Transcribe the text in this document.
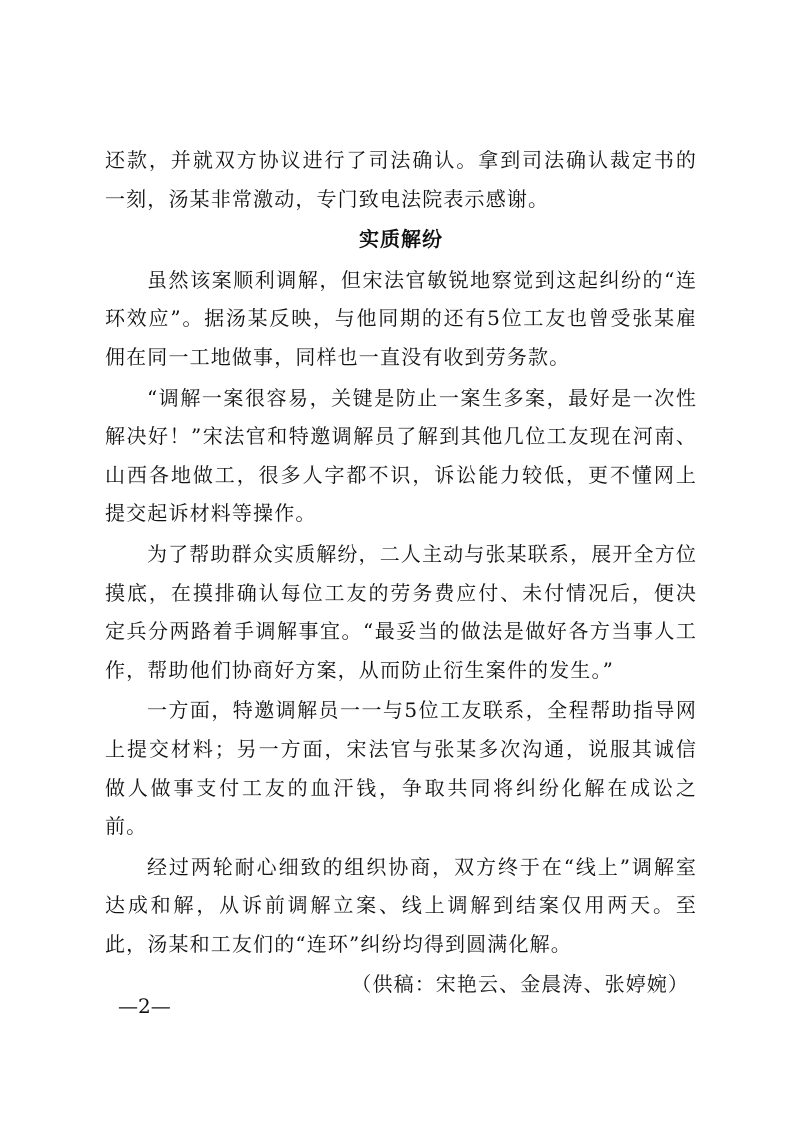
还款，并就双方协议进行了司法确认。拿到司法确认裁定书的一刻，汤某非常激动，专门致电法院表示感谢。

实质解纷

虽然该案顺利调解，但宋法官敏锐地察觉到这起纠纷的“连环效应”。据汤某反映，与他同期的还有5位工友也曾受张某雇佣在同一工地做事，同样也一直没有收到劳务款。

“调解一案很容易，关键是防止一案生多案，最好是一次性解决好！”宋法官和特邀调解员了解到其他几位工友现在河南、山西各地做工，很多人字都不识，诉讼能力较低，更不懂网上提交起诉材料等操作。

为了帮助群众实质解纷，二人主动与张某联系，展开全方位摸底，在摸排确认每位工友的劳务费应付、未付情况后，便决定兵分两路着手调解事宜。“最妥当的做法是做好各方当事人工作，帮助他们协商好方案，从而防止衍生案件的发生。”

一方面，特邀调解员一一与5位工友联系，全程帮助指导网上提交材料；另一方面，宋法官与张某多次沟通，说服其诚信做人做事支付工友的血汗钱，争取共同将纠纷化解在成讼之前。

经过两轮耐心细致的组织协商，双方终于在“线上”调解室达成和解，从诉前调解立案、线上调解到结案仅用两天。至此，汤某和工友们的“连环”纠纷均得到圆满化解。

（供稿：宋艳云、金晨涛、张婷婉）

—2—
